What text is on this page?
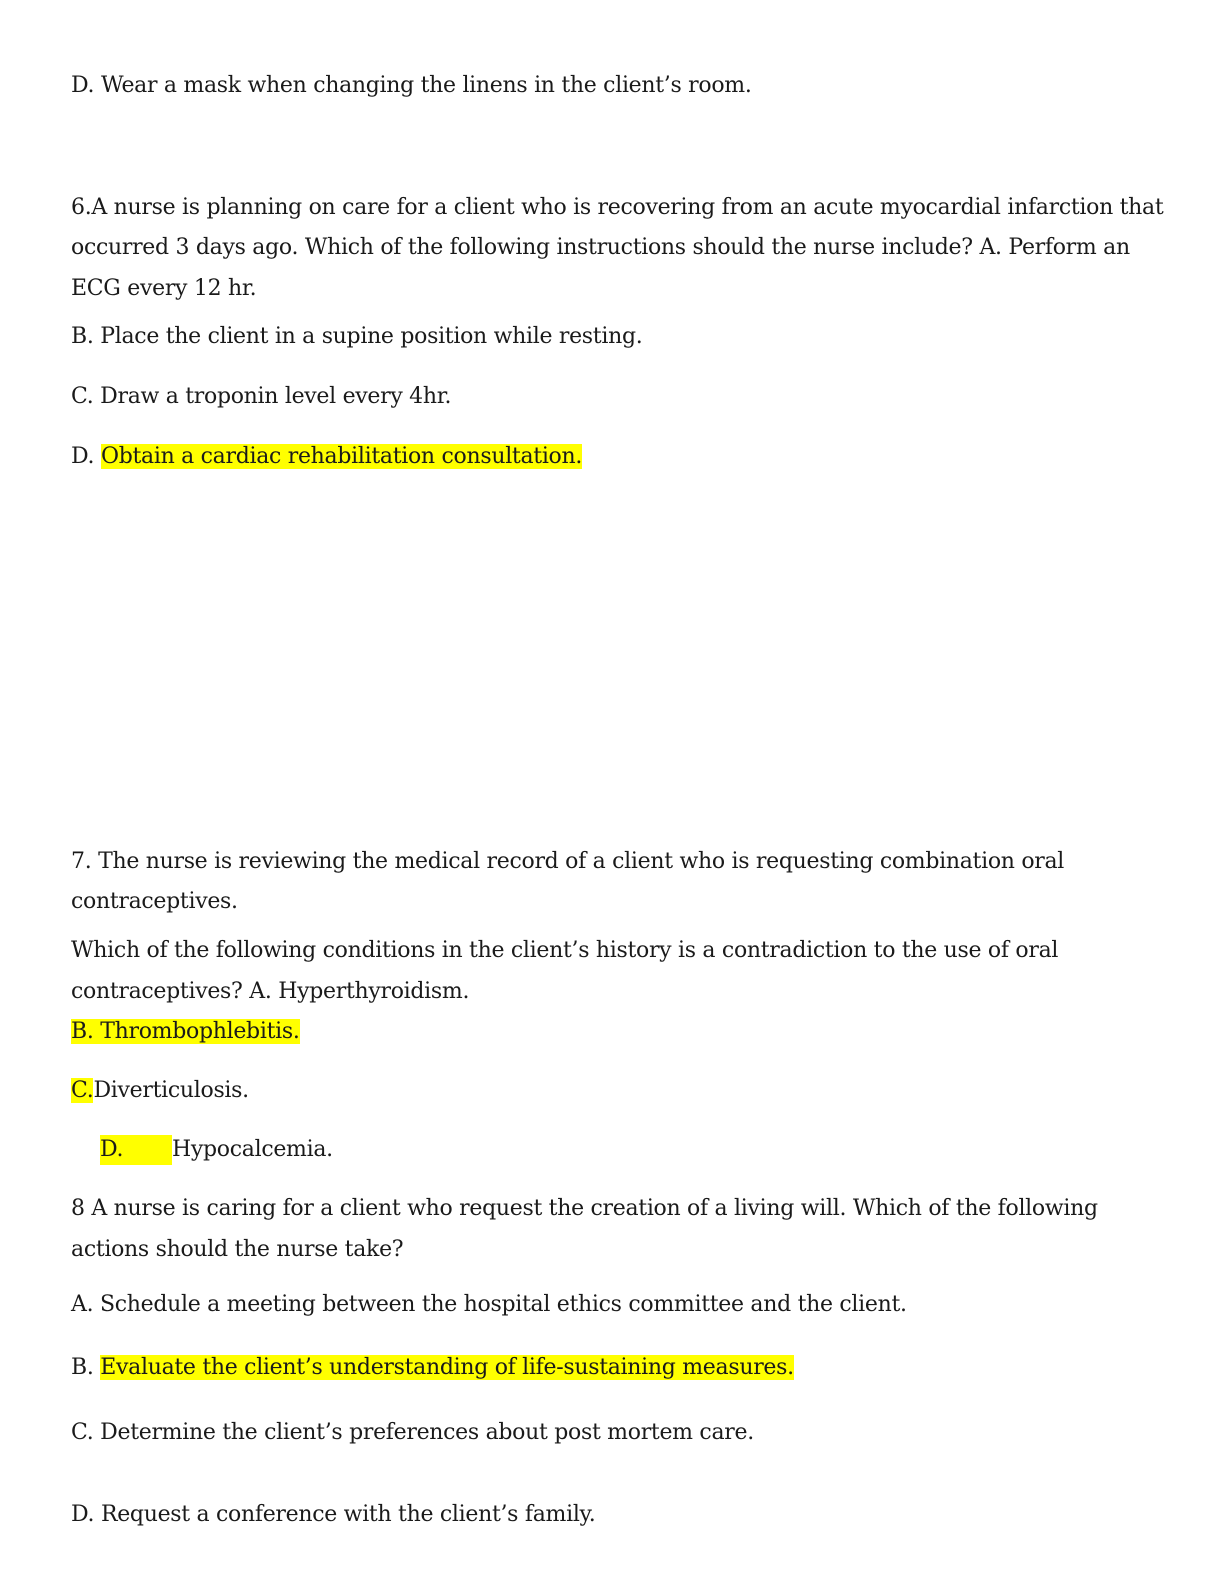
D. Wear a mask when changing the linens in the client’s room.
6.A nurse is planning on care for a client who is recovering from an acute myocardial infarction that
occurred 3 days ago. Which of the following instructions should the nurse include? A. Perform an
ECG every 12 hr.
B. Place the client in a supine position while resting.
C. Draw a troponin level every 4hr.
D. Obtain a cardiac rehabilitation consultation.
7. The nurse is reviewing the medical record of a client who is requesting combination oral
contraceptives.
Which of the following conditions in the client’s history is a contradiction to the use of oral
contraceptives? A. Hyperthyroidism.
B. Thrombophlebitis.
C.Diverticulosis.
D. Hypocalcemia.
8 A nurse is caring for a client who request the creation of a living will. Which of the following
actions should the nurse take?
A. Schedule a meeting between the hospital ethics committee and the client.
B. Evaluate the client’s understanding of life-sustaining measures.
C. Determine the client’s preferences about post mortem care.
D. Request a conference with the client’s family.
